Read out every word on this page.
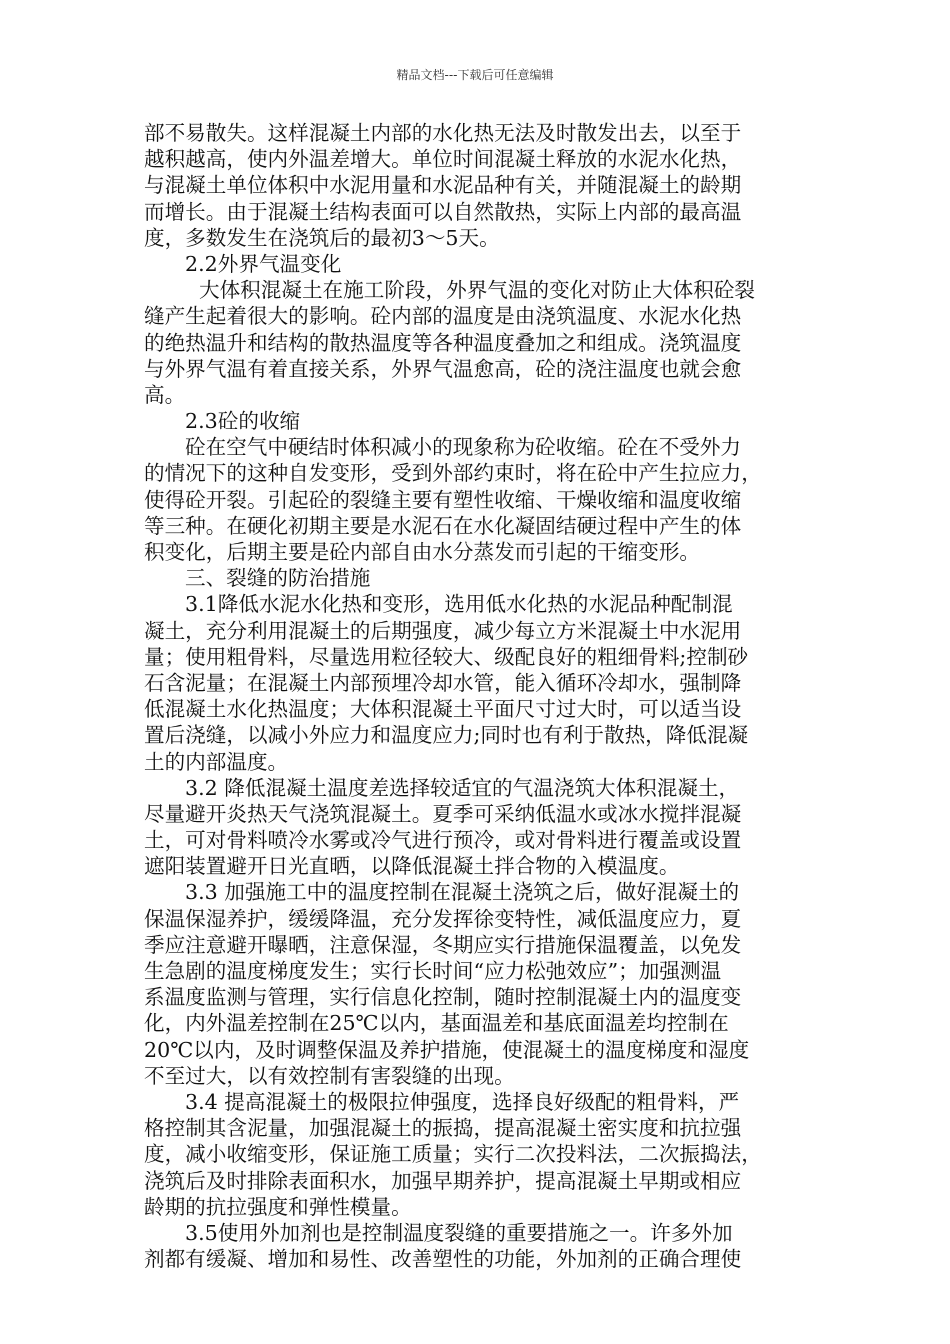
精品文档---下载后可任意编辑
部不易散失。这样混凝土内部的水化热无法及时散发出去，以至于
越积越高，使内外温差增大。单位时间混凝土释放的水泥水化热，
与混凝土单位体积中水泥用量和水泥品种有关，并随混凝土的龄期
而增长。由于混凝土结构表面可以自然散热，实际上内部的最高温
度，多数发生在浇筑后的最初3～5天。
2.2外界气温变化
大体积混凝土在施工阶段，外界气温的变化对防止大体积砼裂
缝产生起着很大的影响。砼内部的温度是由浇筑温度、水泥水化热
的绝热温升和结构的散热温度等各种温度叠加之和组成。浇筑温度
与外界气温有着直接关系，外界气温愈高，砼的浇注温度也就会愈
高。
2.3砼的收缩
砼在空气中硬结时体积减小的现象称为砼收缩。砼在不受外力
的情况下的这种自发变形，受到外部约束时，将在砼中产生拉应力，
使得砼开裂。引起砼的裂缝主要有塑性收缩、干燥收缩和温度收缩
等三种。在硬化初期主要是水泥石在水化凝固结硬过程中产生的体
积变化，后期主要是砼内部自由水分蒸发而引起的干缩变形。
三、裂缝的防治措施
3.1降低水泥水化热和变形，选用低水化热的水泥品种配制混
凝土，充分利用混凝土的后期强度，减少每立方米混凝土中水泥用
量；使用粗骨料，尽量选用粒径较大、级配良好的粗细骨料;控制砂
石含泥量；在混凝土内部预埋冷却水管，能入循环冷却水，强制降
低混凝土水化热温度；大体积混凝土平面尺寸过大时，可以适当设
置后浇缝，以减小外应力和温度应力;同时也有利于散热，降低混凝
土的内部温度。
3.2 降低混凝土温度差选择较适宜的气温浇筑大体积混凝土，
尽量避开炎热天气浇筑混凝土。夏季可采纳低温水或冰水搅拌混凝
土，可对骨料喷冷水雾或冷气进行预冷，或对骨料进行覆盖或设置
遮阳装置避开日光直晒，以降低混凝土拌合物的入模温度。
3.3 加强施工中的温度控制在混凝土浇筑之后，做好混凝土的
保温保湿养护，缓缓降温，充分发挥徐变特性，减低温度应力，夏
季应注意避开曝晒，注意保湿，冬期应实行措施保温覆盖，以免发
生急剧的温度梯度发生；实行长时间“应力松弛效应”；加强测温
系温度监测与管理，实行信息化控制，随时控制混凝土内的温度变
化，内外温差控制在25℃以内，基面温差和基底面温差均控制在
20℃以内，及时调整保温及养护措施，使混凝土的温度梯度和湿度
不至过大，以有效控制有害裂缝的出现。
3.4 提高混凝土的极限拉伸强度，选择良好级配的粗骨料，严
格控制其含泥量，加强混凝土的振捣，提高混凝土密实度和抗拉强
度，减小收缩变形，保证施工质量；实行二次投料法，二次振捣法，
浇筑后及时排除表面积水，加强早期养护，提高混凝土早期或相应
龄期的抗拉强度和弹性模量。
3.5使用外加剂也是控制温度裂缝的重要措施之一。许多外加
剂都有缓凝、增加和易性、改善塑性的功能，外加剂的正确合理使
